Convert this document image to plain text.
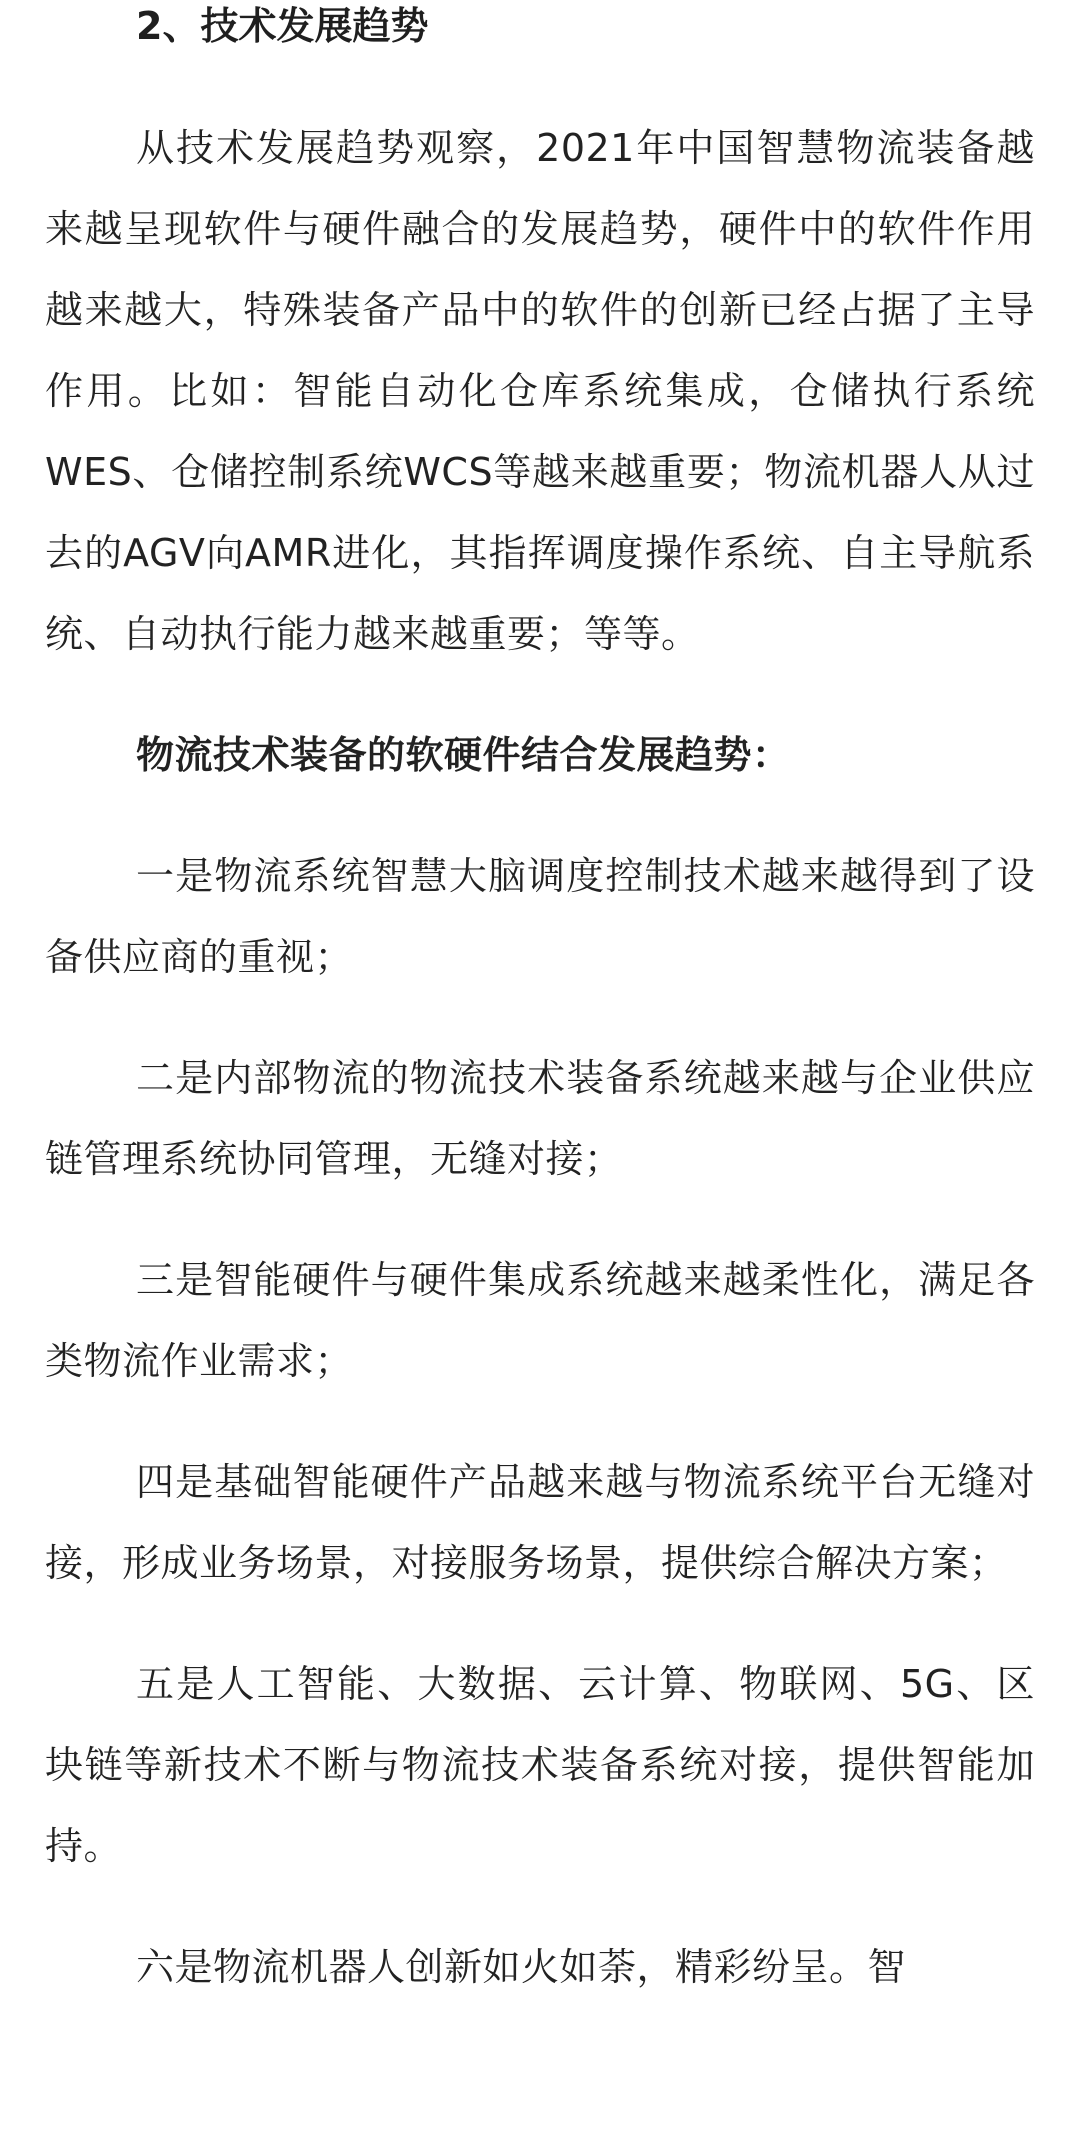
2、技术发展趋势

从技术发展趋势观察，2021年中国智慧物流装备越来越呈现软件与硬件融合的发展趋势，硬件中的软件作用越来越大，特殊装备产品中的软件的创新已经占据了主导作用。比如：智能自动化仓库系统集成，仓储执行系统WES、仓储控制系统WCS等越来越重要；物流机器人从过去的AGV向AMR进化，其指挥调度操作系统、自主导航系统、自动执行能力越来越重要；等等。

物流技术装备的软硬件结合发展趋势：

一是物流系统智慧大脑调度控制技术越来越得到了设备供应商的重视；

二是内部物流的物流技术装备系统越来越与企业供应链管理系统协同管理，无缝对接；

三是智能硬件与硬件集成系统越来越柔性化，满足各类物流作业需求；

四是基础智能硬件产品越来越与物流系统平台无缝对接，形成业务场景，对接服务场景，提供综合解决方案；

五是人工智能、大数据、云计算、物联网、5G、区块链等新技术不断与物流技术装备系统对接，提供智能加持。

六是物流机器人创新如火如荼，精彩纷呈。智
